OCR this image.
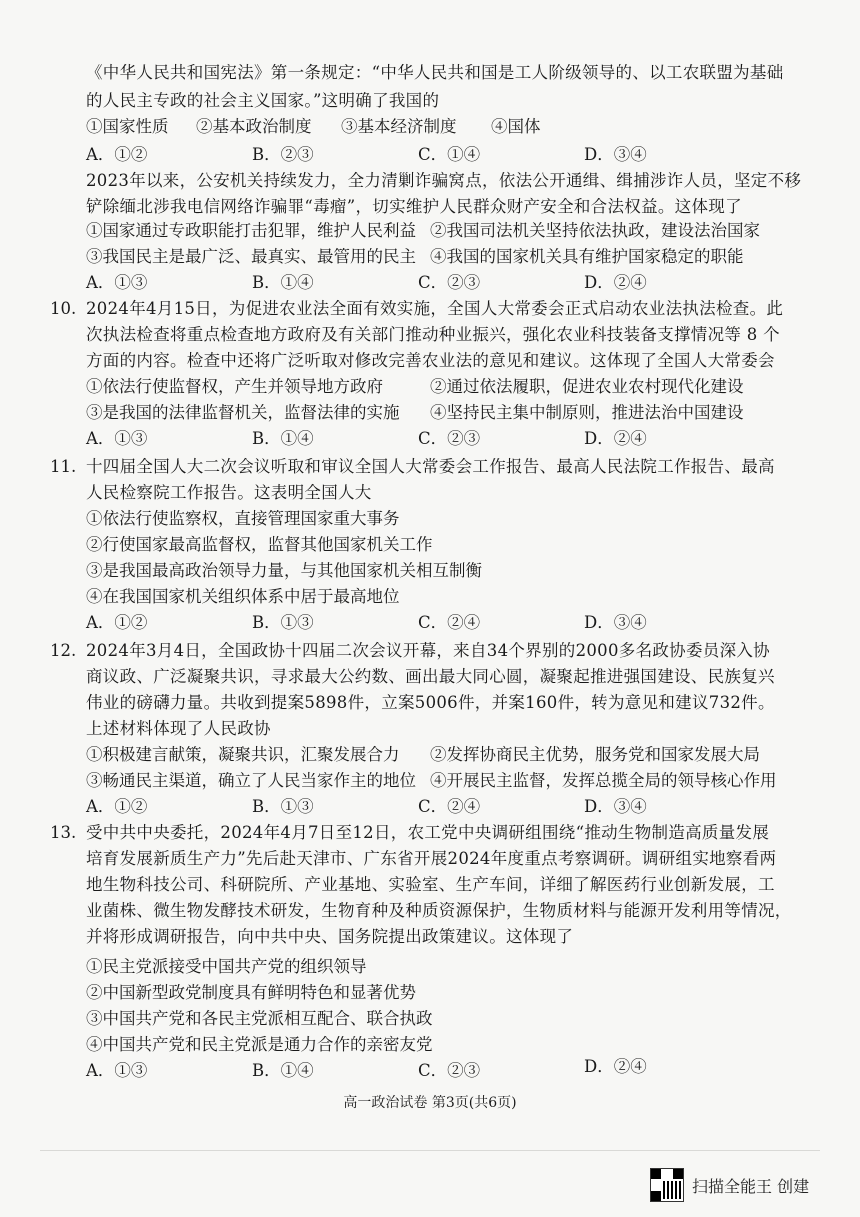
《中华人民共和国宪法》第一条规定：“中华人民共和国是工人阶级领导的、以工农联盟为基础
的人民主专政的社会主义国家。”这明确了我国的
①国家性质 ②基本政治制度 ③基本经济制度 ④国体
A．①②	B．②③	C．①④	D．③④
2023年以来，公安机关持续发力，全力清剿诈骗窝点，依法公开通缉、缉捕涉诈人员，坚定不移
铲除缅北涉我电信网络诈骗罪“毒瘤”，切实维护人民群众财产安全和合法权益。这体现了
①国家通过专政职能打击犯罪，维护人民利益 ②我国司法机关坚持依法执政，建设法治国家
③我国民主是最广泛、最真实、最管用的民主 ④我国的国家机关具有维护国家稳定的职能
A．①③	B．①④	C．②③	D．②④
10. 2024年4月15日，为促进农业法全面有效实施，全国人大常委会正式启动农业法执法检查。此
次执法检查将重点检查地方政府及有关部门推动种业振兴，强化农业科技装备支撑情况等 8 个
方面的内容。检查中还将广泛听取对修改完善农业法的意见和建议。这体现了全国人大常委会
①依法行使监督权，产生并领导地方政府	②通过依法履职，促进农业农村现代化建设
③是我国的法律监督机关，监督法律的实施 ④坚持民主集中制原则，推进法治中国建设
A．①③	B．①④	C．②③	D．②④
11. 十四届全国人大二次会议听取和审议全国人大常委会工作报告、最高人民法院工作报告、最高
人民检察院工作报告。这表明全国人大
①依法行使监察权，直接管理国家重大事务
②行使国家最高监督权，监督其他国家机关工作
③是我国最高政治领导力量，与其他国家机关相互制衡
④在我国国家机关组织体系中居于最高地位
A．①②	B．①③	C．②④	D．③④
12. 2024年3月4日，全国政协十四届二次会议开幕，来自34个界别的2000多名政协委员深入协
商议政、广泛凝聚共识，寻求最大公约数、画出最大同心圆，凝聚起推进强国建设、民族复兴
伟业的磅礴力量。共收到提案5898件，立案5006件，并案160件，转为意见和建议732件。
上述材料体现了人民政协
①积极建言献策，凝聚共识，汇聚发展合力 ②发挥协商民主优势，服务党和国家发展大局
③畅通民主渠道，确立了人民当家作主的地位 ④开展民主监督，发挥总揽全局的领导核心作用
A．①②	B．①③	C．②④	D．③④
13. 受中共中央委托，2024年4月7日至12日，农工党中央调研组围绕“推动生物制造高质量发展
培育发展新质生产力”先后赴天津市、广东省开展2024年度重点考察调研。调研组实地察看两
地生物科技公司、科研院所、产业基地、实验室、生产车间，详细了解医药行业创新发展，工
业菌株、微生物发酵技术研发，生物育种及种质资源保护，生物质材料与能源开发利用等情况，
并将形成调研报告，向中共中央、国务院提出政策建议。这体现了
①民主党派接受中国共产党的组织领导
②中国新型政党制度具有鲜明特色和显著优势
③中国共产党和各民主党派相互配合、联合执政
④中国共产党和民主党派是通力合作的亲密友党
A．①③	B．①④	C．②③	D．②④
高一政治试卷 第3页(共6页)
扫描全能王 创建
